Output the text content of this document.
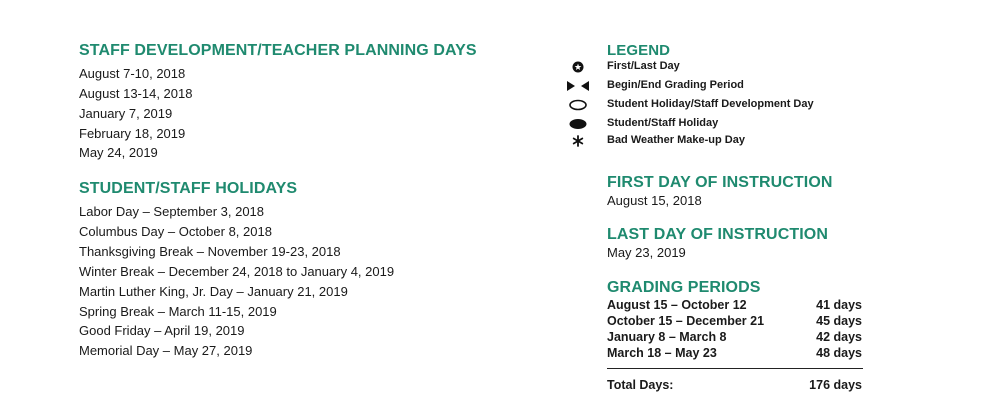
STAFF DEVELOPMENT/TEACHER PLANNING DAYS
August 7-10, 2018
August 13-14, 2018
January 7, 2019
February 18, 2019
May 24, 2019
STUDENT/STAFF HOLIDAYS
Labor Day – September 3, 2018
Columbus Day – October 8, 2018
Thanksgiving Break – November 19-23, 2018
Winter Break – December 24, 2018 to January 4, 2019
Martin Luther King, Jr. Day – January 21, 2019
Spring Break – March 11-15, 2019
Good Friday – April 19, 2019
Memorial Day – May 27, 2019
LEGEND
First/Last Day
Begin/End Grading Period
Student Holiday/Staff Development Day
Student/Staff Holiday
Bad Weather Make-up Day
FIRST DAY OF INSTRUCTION
August 15, 2018
LAST DAY OF INSTRUCTION
May 23, 2019
GRADING PERIODS
August 15 – October 12	41 days
October 15 – December 21	45 days
January 8 – March 8	42 days
March 18 – May 23	48 days
Total Days:	176 days
